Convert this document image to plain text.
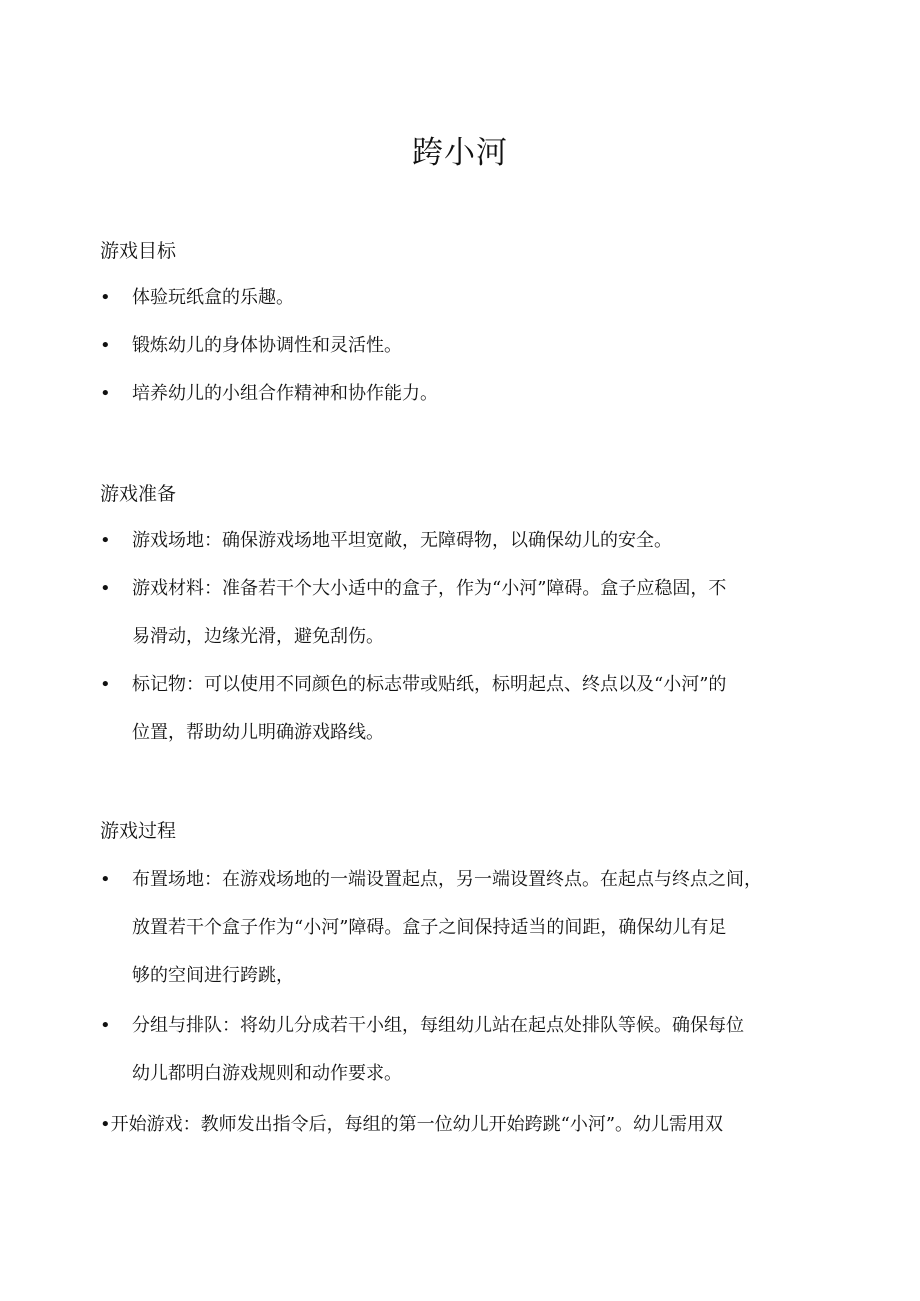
跨小河
游戏目标
•	体验玩纸盒的乐趣。
•	锻炼幼儿的身体协调性和灵活性。
•	培养幼儿的小组合作精神和协作能力。
游戏准备
•	游戏场地：确保游戏场地平坦宽敞，无障碍物，以确保幼儿的安全。
•	游戏材料：准备若干个大小适中的盒子，作为“小河”障碍。盒子应稳固，不
易滑动，边缘光滑，避免刮伤。
•	标记物：可以使用不同颜色的标志带或贴纸，标明起点、终点以及“小河”的
位置，帮助幼儿明确游戏路线。
游戏过程
•	布置场地：在游戏场地的一端设置起点，另一端设置终点。在起点与终点之间，
放置若干个盒子作为“小河”障碍。盒子之间保持适当的间距，确保幼儿有足
够的空间进行跨跳，
•	分组与排队：将幼儿分成若干小组，每组幼儿站在起点处排队等候。确保每位
幼儿都明白游戏规则和动作要求。
•开始游戏：教师发出指令后，每组的第一位幼儿开始跨跳“小河”。幼儿需用双
